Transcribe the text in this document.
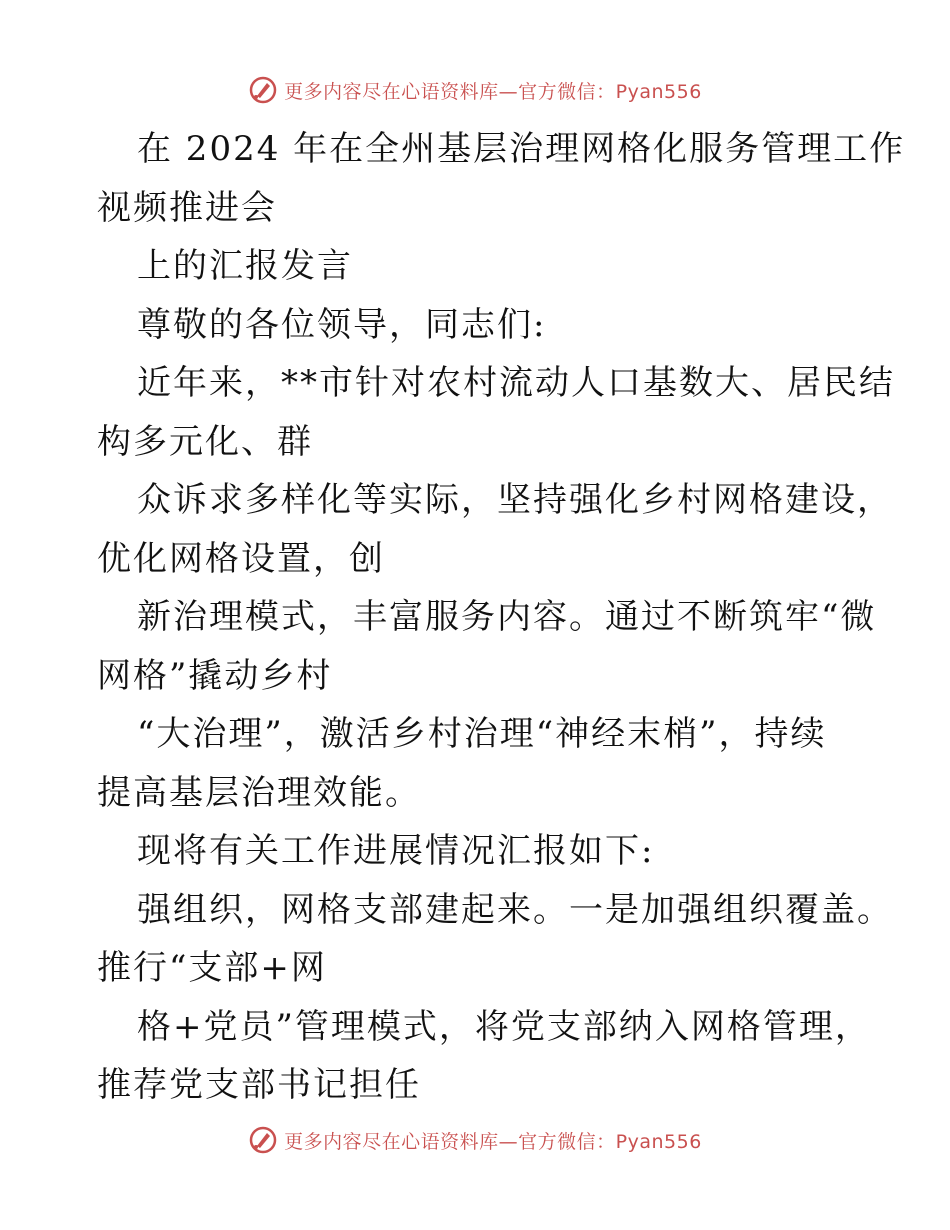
更多内容尽在心语资料库—官方微信：Pyan556
在 2024 年在全州基层治理网格化服务管理工作
视频推进会
上的汇报发言
尊敬的各位领导，同志们:
近年来，**市针对农村流动人口基数大、居民结
构多元化、群
众诉求多样化等实际，坚持强化乡村网格建设，
优化网格设置，创
新治理模式，丰富服务内容。通过不断筑牢“微
网格”撬动乡村
“大治理”，激活乡村治理“神经末梢”，持续
提高基层治理效能。
现将有关工作进展情况汇报如下:
强组织，网格支部建起来。一是加强组织覆盖。
推行“支部+网
格+党员”管理模式，将党支部纳入网格管理，
推荐党支部书记担任
更多内容尽在心语资料库—官方微信：Pyan556
